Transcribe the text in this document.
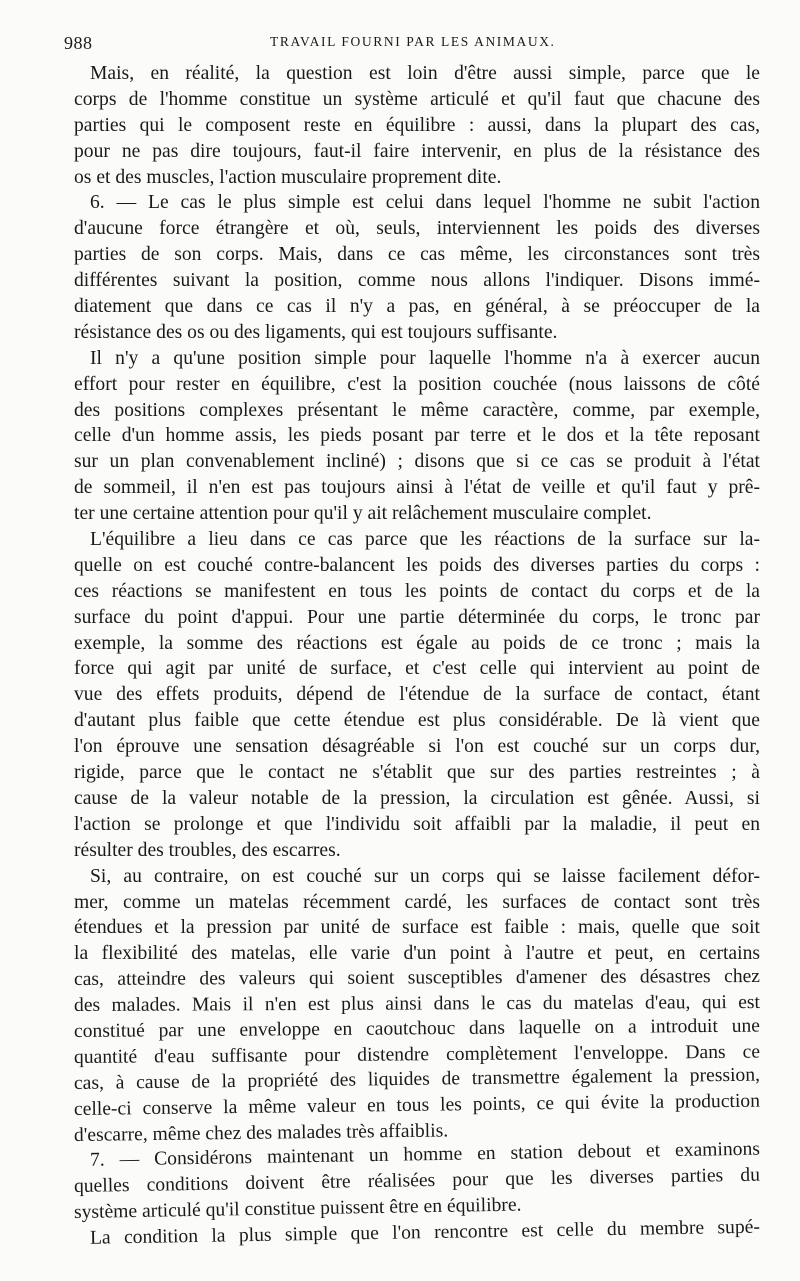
988	TRAVAIL FOURNI PAR LES ANIMAUX.
Mais, en réalité, la question est loin d'être aussi simple, parce que le
corps de l'homme constitue un système articulé et qu'il faut que chacune des
parties qui le composent reste en équilibre : aussi, dans la plupart des cas,
pour ne pas dire toujours, faut-il faire intervenir, en plus de la résistance des
os et des muscles, l'action musculaire proprement dite.
6. — Le cas le plus simple est celui dans lequel l'homme ne subit l'action
d'aucune force étrangère et où, seuls, interviennent les poids des diverses
parties de son corps. Mais, dans ce cas même, les circonstances sont très
différentes suivant la position, comme nous allons l'indiquer. Disons immé-
diatement que dans ce cas il n'y a pas, en général, à se préoccuper de la
résistance des os ou des ligaments, qui est toujours suffisante.
Il n'y a qu'une position simple pour laquelle l'homme n'a à exercer aucun
effort pour rester en équilibre, c'est la position couchée (nous laissons de côté
des positions complexes présentant le même caractère, comme, par exemple,
celle d'un homme assis, les pieds posant par terre et le dos et la tête reposant
sur un plan convenablement incliné) ; disons que si ce cas se produit à l'état
de sommeil, il n'en est pas toujours ainsi à l'état de veille et qu'il faut y prê-
ter une certaine attention pour qu'il y ait relâchement musculaire complet.
L'équilibre a lieu dans ce cas parce que les réactions de la surface sur la-
quelle on est couché contre-balancent les poids des diverses parties du corps :
ces réactions se manifestent en tous les points de contact du corps et de la
surface du point d'appui. Pour une partie déterminée du corps, le tronc par
exemple, la somme des réactions est égale au poids de ce tronc ; mais la
force qui agit par unité de surface, et c'est celle qui intervient au point de
vue des effets produits, dépend de l'étendue de la surface de contact, étant
d'autant plus faible que cette étendue est plus considérable. De là vient que
l'on éprouve une sensation désagréable si l'on est couché sur un corps dur,
rigide, parce que le contact ne s'établit que sur des parties restreintes ; à
cause de la valeur notable de la pression, la circulation est gênée. Aussi, si
l'action se prolonge et que l'individu soit affaibli par la maladie, il peut en
résulter des troubles, des escarres.
Si, au contraire, on est couché sur un corps qui se laisse facilement défor-
mer, comme un matelas récemment cardé, les surfaces de contact sont très
étendues et la pression par unité de surface est faible : mais, quelle que soit
la flexibilité des matelas, elle varie d'un point à l'autre et peut, en certains
cas, atteindre des valeurs qui soient susceptibles d'amener des désastres chez
des malades. Mais il n'en est plus ainsi dans le cas du matelas d'eau, qui est
constitué par une enveloppe en caoutchouc dans laquelle on a introduit une
quantité d'eau suffisante pour distendre complètement l'enveloppe. Dans ce
cas, à cause de la propriété des liquides de transmettre également la pression,
celle-ci conserve la même valeur en tous les points, ce qui évite la production
d'escarre, même chez des malades très affaiblis.
7. — Considérons maintenant un homme en station debout et examinons
quelles conditions doivent être réalisées pour que les diverses parties du
système articulé qu'il constitue puissent être en équilibre.
La condition la plus simple que l'on rencontre est celle du membre supé-
